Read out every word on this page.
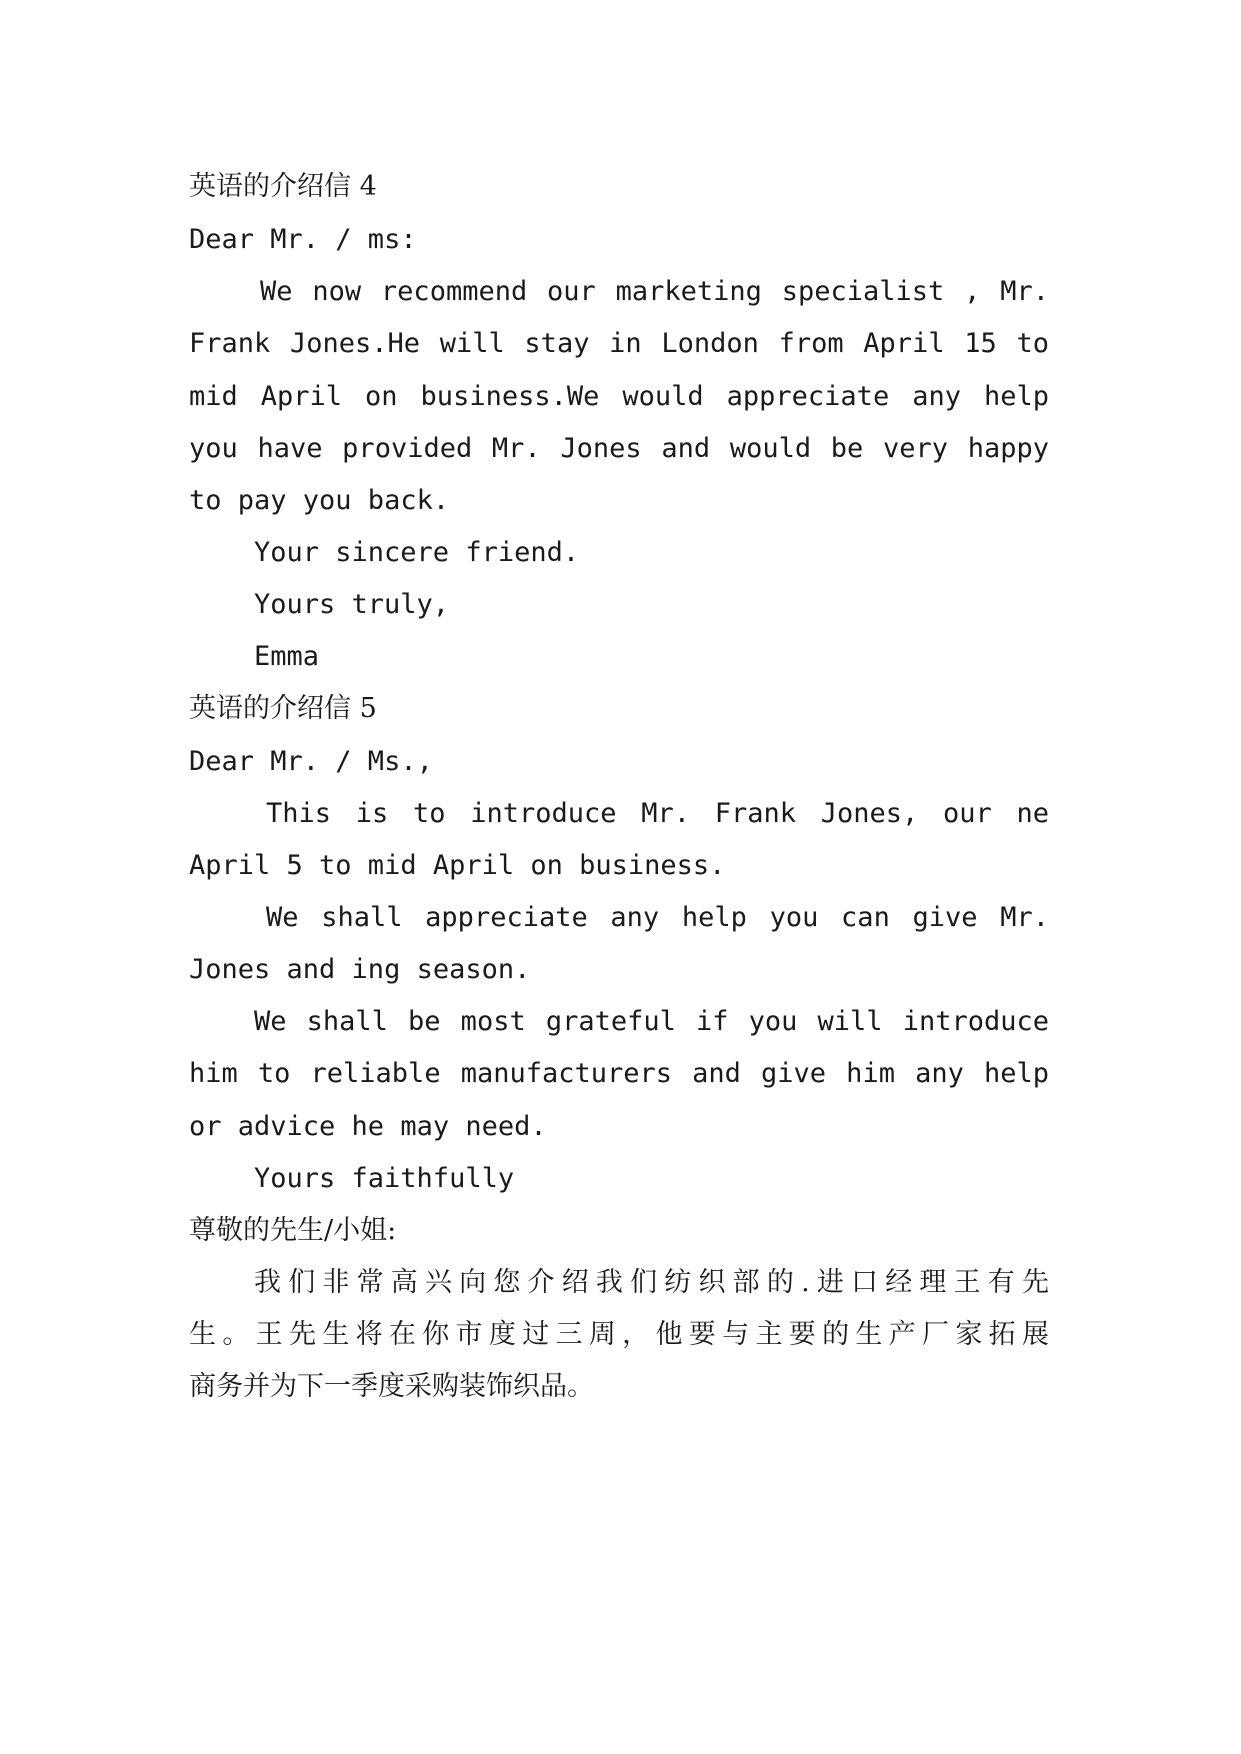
英语的介绍信 4
Dear Mr. / ms:
We now recommend our marketing specialist , Mr.
Frank Jones.He will stay in London from April 15 to
mid April on business.We would appreciate any help
you have provided Mr. Jones and would be very happy
to pay you back.
Your sincere friend.
Yours truly,
Emma
英语的介绍信 5
Dear Mr. / Ms.,
This is to introduce Mr. Frank Jones, our ne
April 5 to mid April on business.
We shall appreciate any help you can give Mr.
Jones and ing season.
We shall be most grateful if you will introduce
him to reliable manufacturers and give him any help
or advice he may need.
Yours faithfully
尊敬的先生/小姐:
我们非常高兴向您介绍我们纺织部的.进口经理王有先
生。王先生将在你市度过三周，他要与主要的生产厂家拓展
商务并为下一季度采购装饰织品。
